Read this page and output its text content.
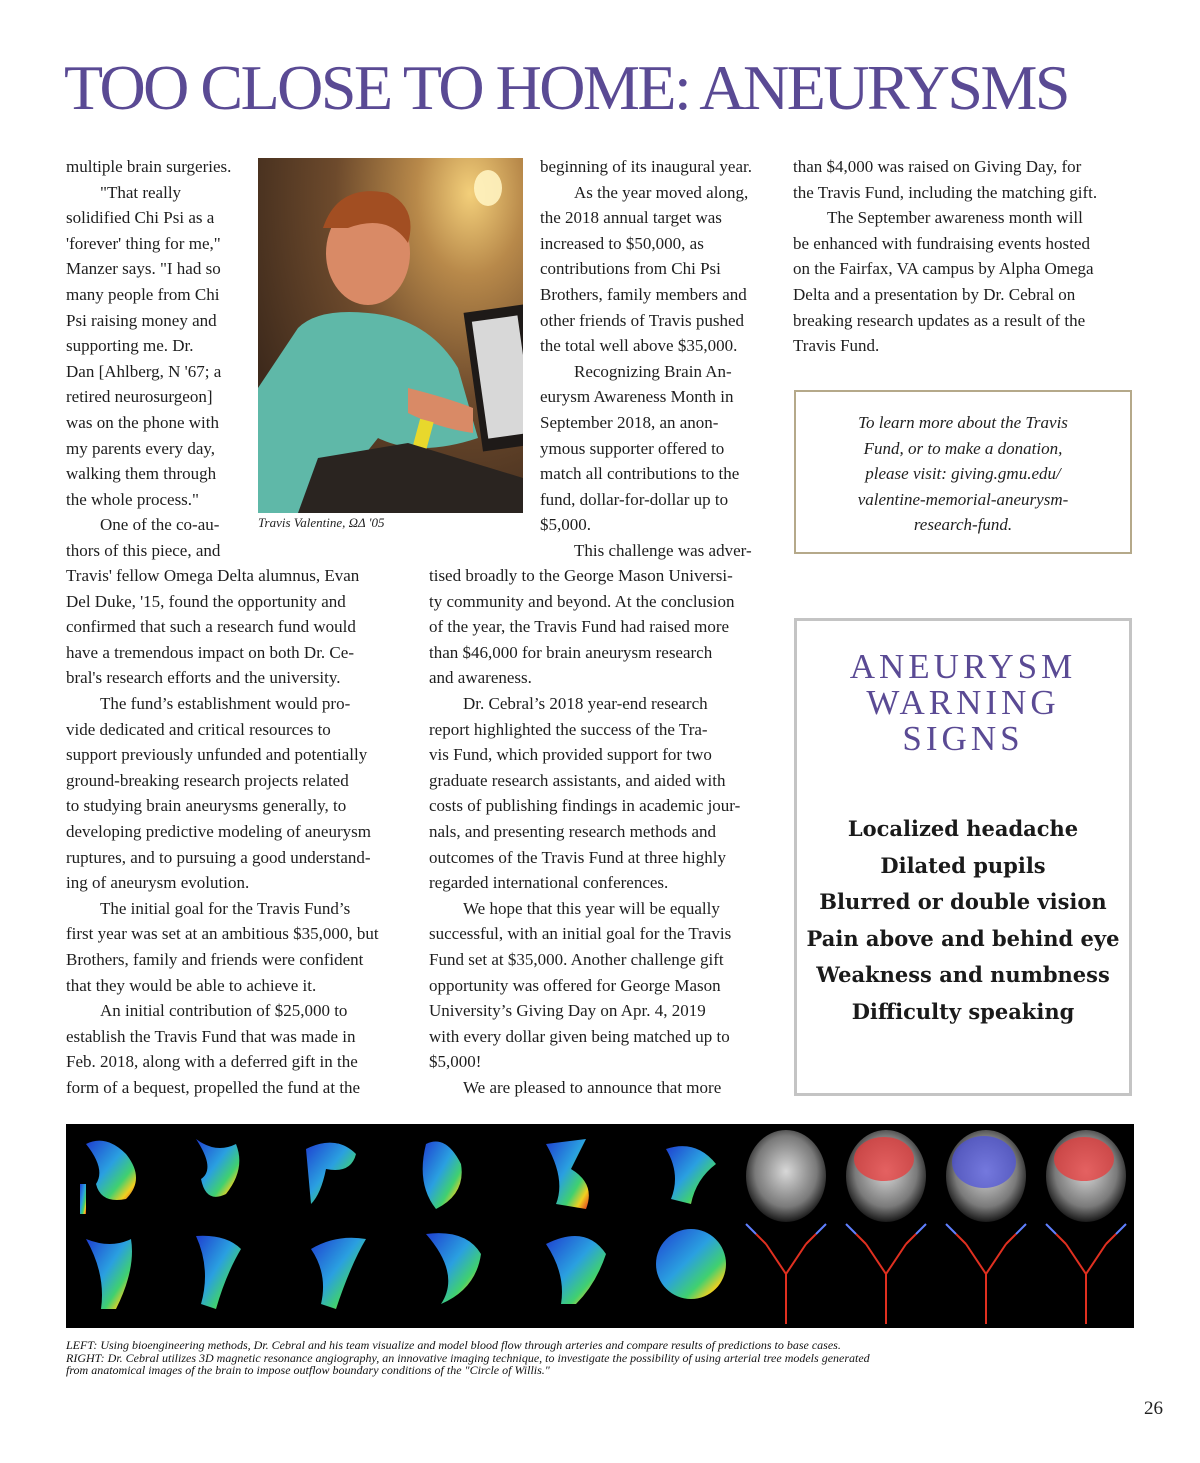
TOO CLOSE TO HOME: ANEURYSMS

multiple brain surgeries.

"That really

solidified Chi Psi as a

'forever' thing for me,"

Manzer says. "I had so

many people from Chi

Psi raising money and

supporting me. Dr.

Dan [Ahlberg, N '67; a

retired neurosurgeon]

was on the phone with

my parents every day,

walking them through

the whole process."

One of the co-au-

thors of this piece, and

Travis' fellow Omega Delta alumnus, Evan

Del Duke, '15, found the opportunity and

confirmed that such a research fund would

have a tremendous impact on both Dr. Ce-

bral's research efforts and the university.

The fund’s establishment would pro-

vide dedicated and critical resources to

support previously unfunded and potentially

ground-breaking research projects related

to studying brain aneurysms generally, to

developing predictive modeling of aneurysm

ruptures, and to pursuing a good understand-

ing of aneurysm evolution.

The initial goal for the Travis Fund’s

first year was set at an ambitious $35,000, but

Brothers, family and friends were confident

that they would be able to achieve it.

An initial contribution of $25,000 to

establish the Travis Fund that was made in

Feb. 2018, along with a deferred gift in the

form of a bequest, propelled the fund at the

Travis Valentine, ΩΔ '05

beginning of its inaugural year.

As the year moved along,

the 2018 annual target was

increased to $50,000, as

contributions from Chi Psi

Brothers, family members and

other friends of Travis pushed

the total well above $35,000.

Recognizing Brain An-

eurysm Awareness Month in

September 2018, an anon-

ymous supporter offered to

match all contributions to the

fund, dollar-for-dollar up to

$5,000.

This challenge was adver-

tised broadly to the George Mason Universi-

ty community and beyond. At the conclusion

of the year, the Travis Fund had raised more

than $46,000 for brain aneurysm research

and awareness.

Dr. Cebral’s 2018 year-end research

report highlighted the success of the Tra-

vis Fund, which provided support for two

graduate research assistants, and aided with

costs of publishing findings in academic jour-

nals, and presenting research methods and

outcomes of the Travis Fund at three highly

regarded international conferences.

We hope that this year will be equally

successful, with an initial goal for the Travis

Fund set at $35,000. Another challenge gift

opportunity was offered for George Mason

University’s Giving Day on Apr. 4, 2019

with every dollar given being matched up to

$5,000!

We are pleased to announce that more

than $4,000 was raised on Giving Day, for

the Travis Fund, including the matching gift.

The September awareness month will

be enhanced with fundraising events hosted

on the Fairfax, VA campus by Alpha Omega

Delta and a presentation by Dr. Cebral on

breaking research updates as a result of the

Travis Fund.

To learn more about the Travis
Fund, or to make a donation,
please visit: giving.gmu.edu/
valentine-memorial-aneurysm-
research-fund.
ANEURYSM
WARNING
SIGNS
Localized headache
Dilated pupils
Blurred or double vision
Pain above and behind eye
Weakness and numbness
Difficulty speaking
LEFT: Using bioengineering methods, Dr. Cebral and his team visualize and model blood flow through arteries and compare results of predictions to base cases.
RIGHT: Dr. Cebral utilizes 3D magnetic resonance angiography, an innovative imaging technique, to investigate the possibility of using arterial tree models generated
from anatomical images of the brain to impose outflow boundary conditions of the "Circle of Willis."
26
